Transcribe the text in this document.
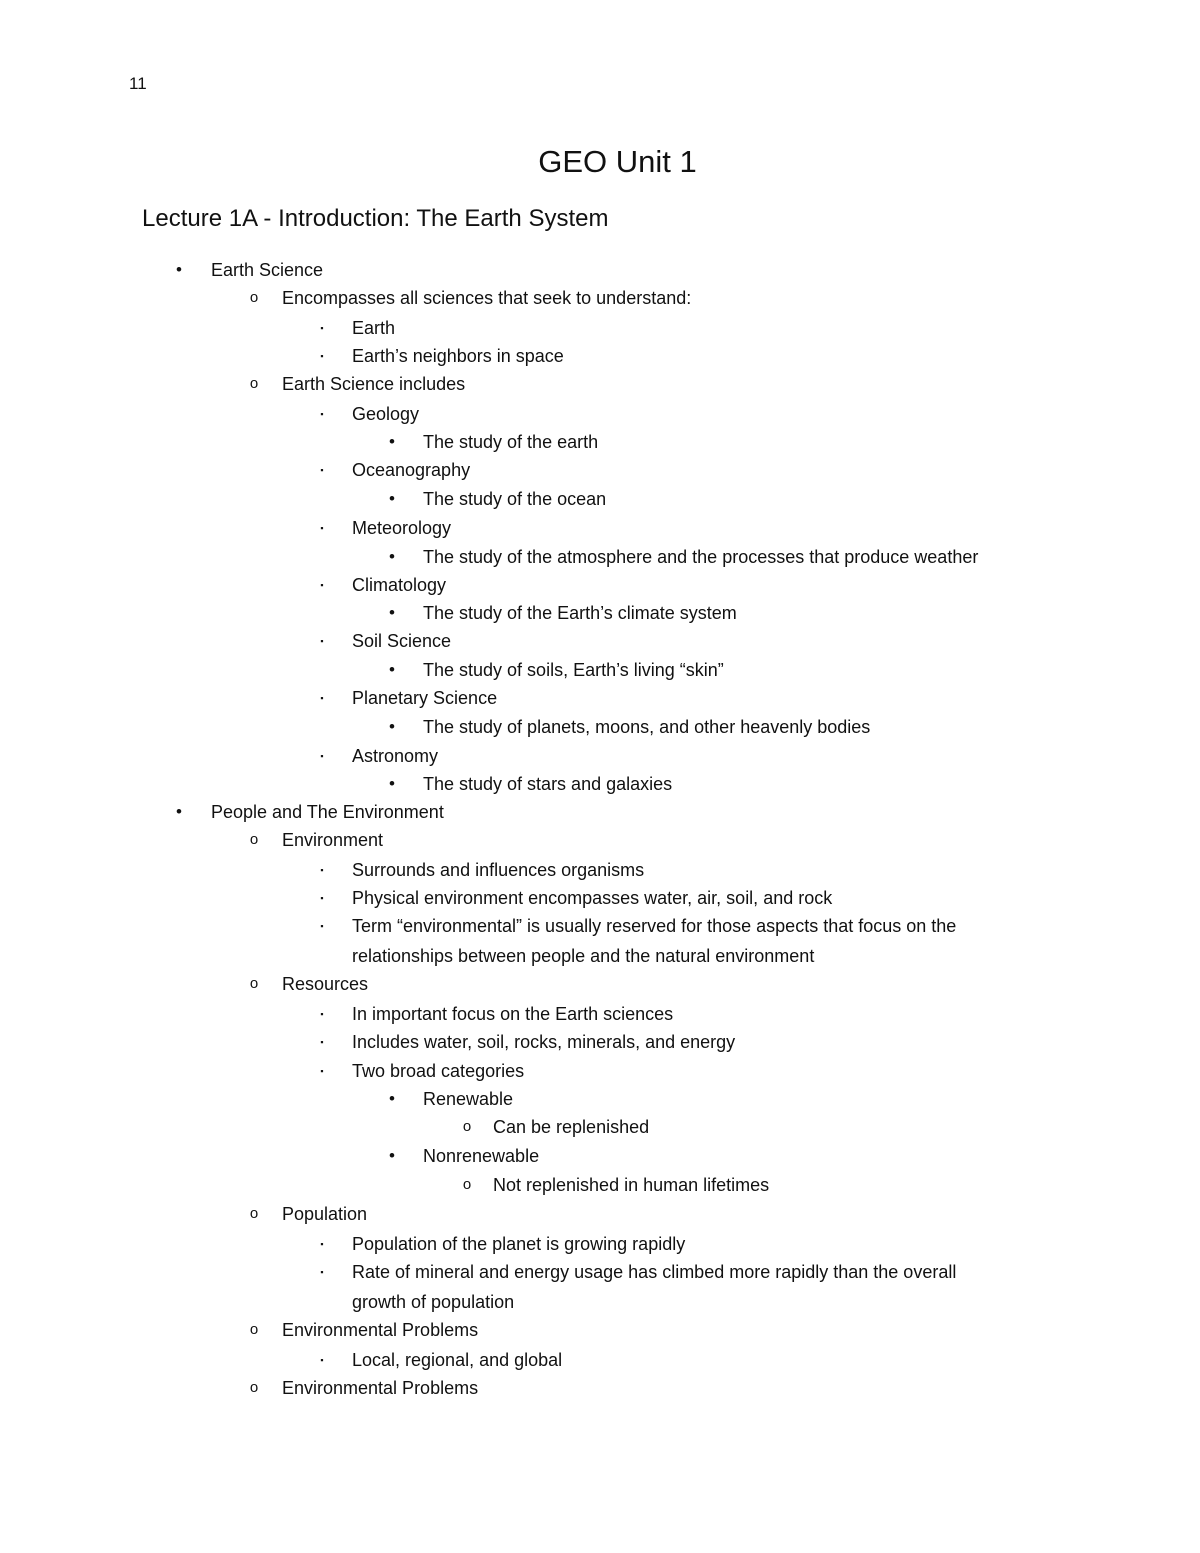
11
GEO Unit 1
Lecture 1A - Introduction: The Earth System
• Earth Science
o Encompasses all sciences that seek to understand:
▪	Earth
▪	Earth’s neighbors in space
o Earth Science includes
▪	Geology
• The study of the earth
▪	Oceanography
• The study of the ocean
▪	Meteorology
• The study of the atmosphere and the processes that produce weather
▪	Climatology
• The study of the Earth’s climate system
▪	Soil Science
• The study of soils, Earth’s living “skin”
▪	Planetary Science
• The study of planets, moons, and other heavenly bodies
▪	Astronomy
• The study of stars and galaxies
• People and The Environment
o Environment
▪	Surrounds and influences organisms
▪	Physical environment encompasses water, air, soil, and rock
▪	Term “environmental” is usually reserved for those aspects that focus on the
relationships between people and the natural environment
o Resources
▪	In important focus on the Earth sciences
▪	Includes water, soil, rocks, minerals, and energy
▪	Two broad categories
• Renewable
o Can be replenished
• Nonrenewable
o Not replenished in human lifetimes
o Population
▪	Population of the planet is growing rapidly
▪	Rate of mineral and energy usage has climbed more rapidly than the overall
growth of population
o Environmental Problems
▪	Local, regional, and global
o Environmental Problems
